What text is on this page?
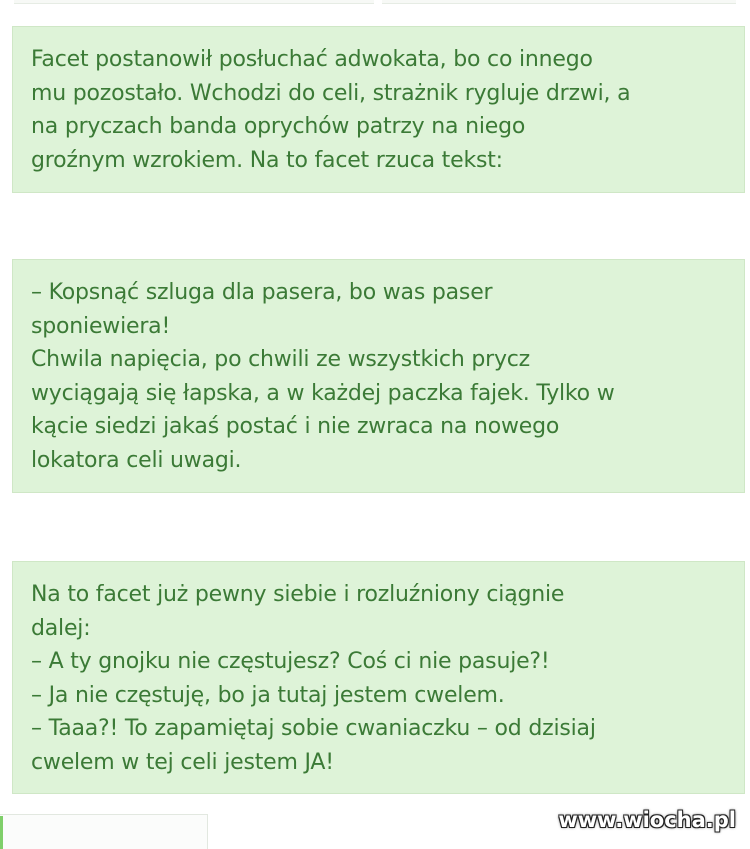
Facet postanowił posłuchać adwokata, bo co innego
mu pozostało. Wchodzi do celi, strażnik rygluje drzwi, a
na pryczach banda oprychów patrzy na niego
groźnym wzrokiem. Na to facet rzuca tekst:
– Kopsnąć szluga dla pasera, bo was paser
sponiewiera!
Chwila napięcia, po chwili ze wszystkich prycz
wyciągają się łapska, a w każdej paczka fajek. Tylko w
kącie siedzi jakaś postać i nie zwraca na nowego
lokatora celi uwagi.
Na to facet już pewny siebie i rozluźniony ciągnie
dalej:
– A ty gnojku nie częstujesz? Coś ci nie pasuje?!
– Ja nie częstuję, bo ja tutaj jestem cwelem.
– Taaa?! To zapamiętaj sobie cwaniaczku – od dzisiaj
cwelem w tej celi jestem JA!
www.wiocha.pl
